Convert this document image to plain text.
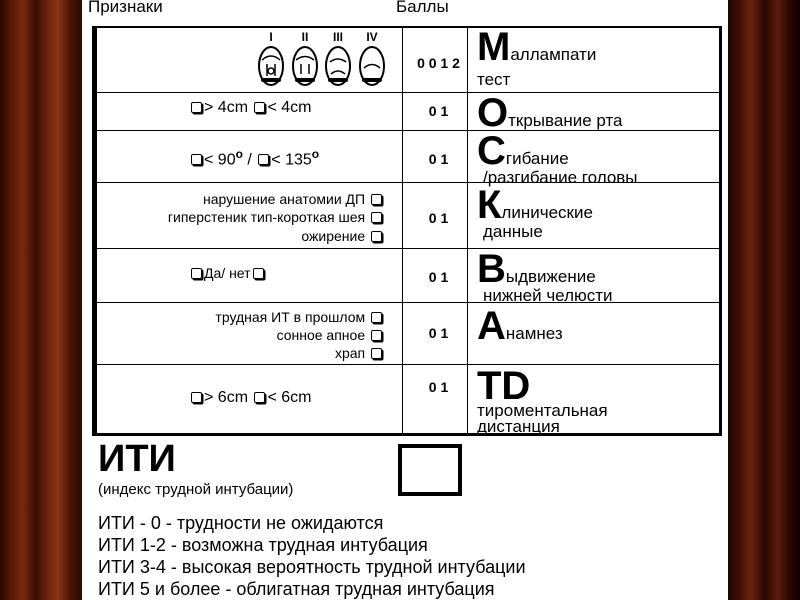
Признаки	Баллы
I II III IV
0 0 1 2 Маллампати
тест
> 4cm < 4cm	0 1 Открывание рта
< $90^o$ / < $135^o$	0 1 Сгибание
/разгибание головы
нарушение анатомии ДП
гиперстеник тип-короткая шея
ожирение
0 1 Клинические
данные
Да/ нет	0 1 Выдвижение
нижней челюсти
трудная ИТ в прошлом
сонное апное
храп
0 1 Анамнез
> 6cm < 6cm
0 1 TD
тироментальная
дистанция
ИТИ
(индекс трудной интубации)
ИТИ - 0 - трудности не ожидаются
ИТИ 1-2 - возможна трудная интубация
ИТИ 3-4 - высокая вероятность трудной интубации
ИТИ 5 и более - облигатная трудная интубация
